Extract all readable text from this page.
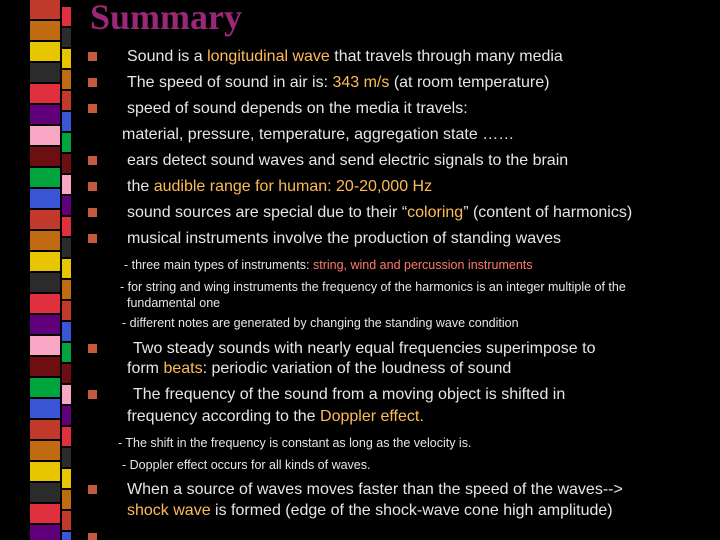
Summary
Sound is a longitudinal wave that travels through many media
The speed of sound in air is: 343 m/s (at room temperature)
speed of sound depends on the media it travels:
material, pressure, temperature, aggregation state ……
ears detect sound waves and send electric signals to the brain
the audible range for human: 20-20,000 Hz
sound sources are special due to their “coloring” (content of harmonics)
musical instruments involve the production of standing waves
- three main types of instruments: string, wind and percussion instruments
- for string and wing instruments the frequency of the harmonics is an integer multiple of the
fundamental one
- different notes are generated by changing the standing wave condition
Two steady sounds with nearly equal frequencies superimpose to
form beats: periodic variation of the loudness of sound
The frequency of the sound from a moving object is shifted in
frequency according to the Doppler effect.
- The shift in the frequency is constant as long as the velocity is.
- Doppler effect occurs for all kinds of waves.
When a source of waves moves faster than the speed of the waves-->
shock wave is formed (edge of the shock-wave cone high amplitude)
